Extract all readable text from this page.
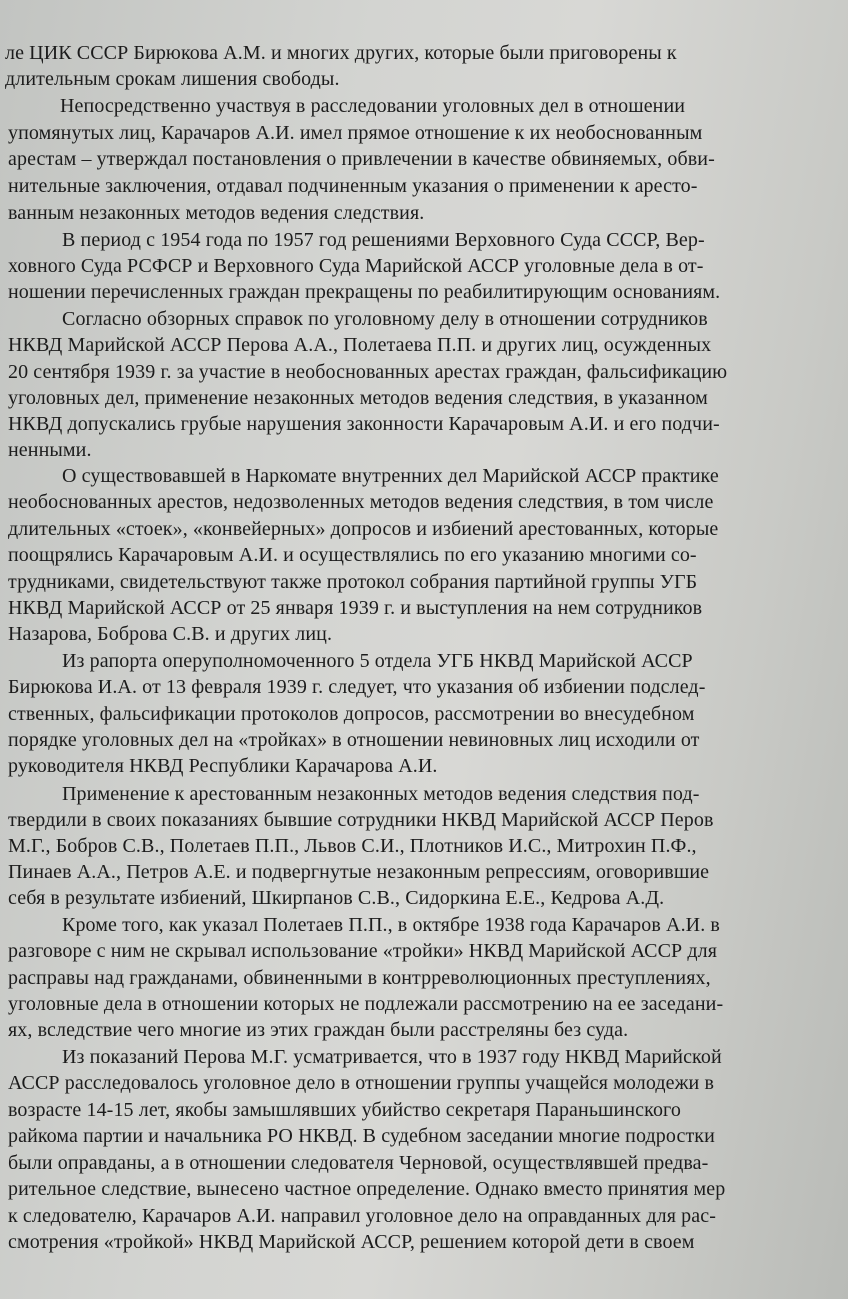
ле ЦИК СССР Бирюкова А.М. и многих других, которые были приговорены к
длительным срокам лишения свободы.
Непосредственно участвуя в расследовании уголовных дел в отношении
упомянутых лиц, Карачаров А.И. имел прямое отношение к их необоснованным
арестам – утверждал постановления о привлечении в качестве обвиняемых, обви-
нительные заключения, отдавал подчиненным указания о применении к аресто-
ванным незаконных методов ведения следствия.
В период с 1954 года по 1957 год решениями Верховного Суда СССР, Вер-
ховного Суда РСФСР и Верховного Суда Марийской АССР уголовные дела в от-
ношении перечисленных граждан прекращены по реабилитирующим основаниям.
Согласно обзорных справок по уголовному делу в отношении сотрудников
НКВД Марийской АССР Перова А.А., Полетаева П.П. и других лиц, осужденных
20 сентября 1939 г. за участие в необоснованных арестах граждан, фальсификацию
уголовных дел, применение незаконных методов ведения следствия, в указанном
НКВД допускались грубые нарушения законности Карачаровым А.И. и его подчи-
ненными.
О существовавшей в Наркомате внутренних дел Марийской АССР практике
необоснованных арестов, недозволенных методов ведения следствия, в том числе
длительных «стоек», «конвейерных» допросов и избиений арестованных, которые
поощрялись Карачаровым А.И. и осуществлялись по его указанию многими со-
трудниками, свидетельствуют также протокол собрания партийной группы УГБ
НКВД Марийской АССР от 25 января 1939 г. и выступления на нем сотрудников
Назарова, Боброва С.В. и других лиц.
Из рапорта оперуполномоченного 5 отдела УГБ НКВД Марийской АССР
Бирюкова И.А. от 13 февраля 1939 г. следует, что указания об избиении подслед-
ственных, фальсификации протоколов допросов, рассмотрении во внесудебном
порядке уголовных дел на «тройках» в отношении невиновных лиц исходили от
руководителя НКВД Республики Карачарова А.И.
Применение к арестованным незаконных методов ведения следствия под-
твердили в своих показаниях бывшие сотрудники НКВД Марийской АССР Перов
М.Г., Бобров С.В., Полетаев П.П., Львов С.И., Плотников И.С., Митрохин П.Ф.,
Пинаев А.А., Петров А.Е. и подвергнутые незаконным репрессиям, оговорившие
себя в результате избиений, Шкирпанов С.В., Сидоркина Е.Е., Кедрова А.Д.
Кроме того, как указал Полетаев П.П., в октябре 1938 года Карачаров А.И. в
разговоре с ним не скрывал использование «тройки» НКВД Марийской АССР для
расправы над гражданами, обвиненными в контрреволюционных преступлениях,
уголовные дела в отношении которых не подлежали рассмотрению на ее заседани-
ях, вследствие чего многие из этих граждан были расстреляны без суда.
Из показаний Перова М.Г. усматривается, что в 1937 году НКВД Марийской
АССР расследовалось уголовное дело в отношении группы учащейся молодежи в
возрасте 14-15 лет, якобы замышлявших убийство секретаря Параньшинского
райкома партии и начальника РО НКВД. В судебном заседании многие подростки
были оправданы, а в отношении следователя Черновой, осуществлявшей предва-
рительное следствие, вынесено частное определение. Однако вместо принятия мер
к следователю, Карачаров А.И. направил уголовное дело на оправданных для рас-
смотрения «тройкой» НКВД Марийской АССР, решением которой дети в своем
